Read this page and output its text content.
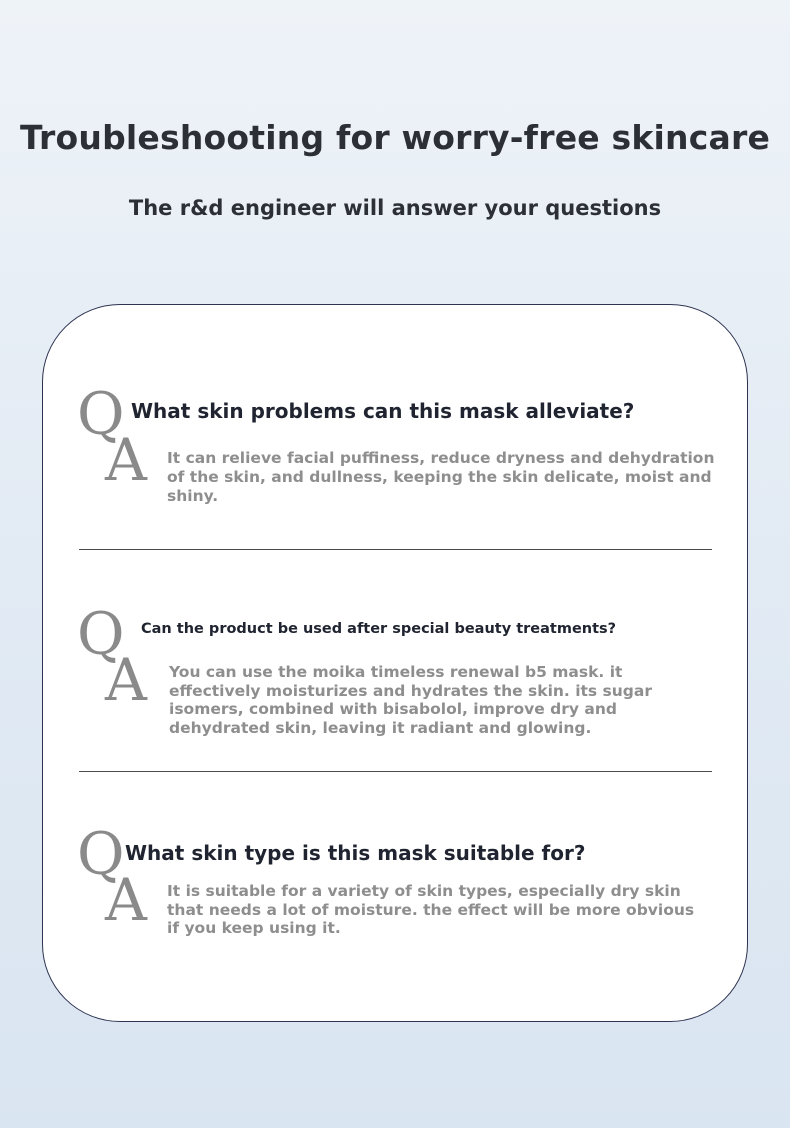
Troubleshooting for worry-free skincare
The r&d engineer will answer your questions
Q
A

What skin problems can this mask alleviate?

It can relieve facial puffiness, reduce dryness and dehydration of the skin, and dullness, keeping the skin delicate, moist and shiny.

Q
A

Can the product be used after special beauty treatments?

You can use the moika timeless renewal b5 mask. it effectively moisturizes and hydrates the skin. its sugar isomers, combined with bisabolol, improve dry and dehydrated skin, leaving it radiant and glowing.

Q
A

What skin type is this mask suitable for?

It is suitable for a variety of skin types, especially dry skin that needs a lot of moisture. the effect will be more obvious if you keep using it.
